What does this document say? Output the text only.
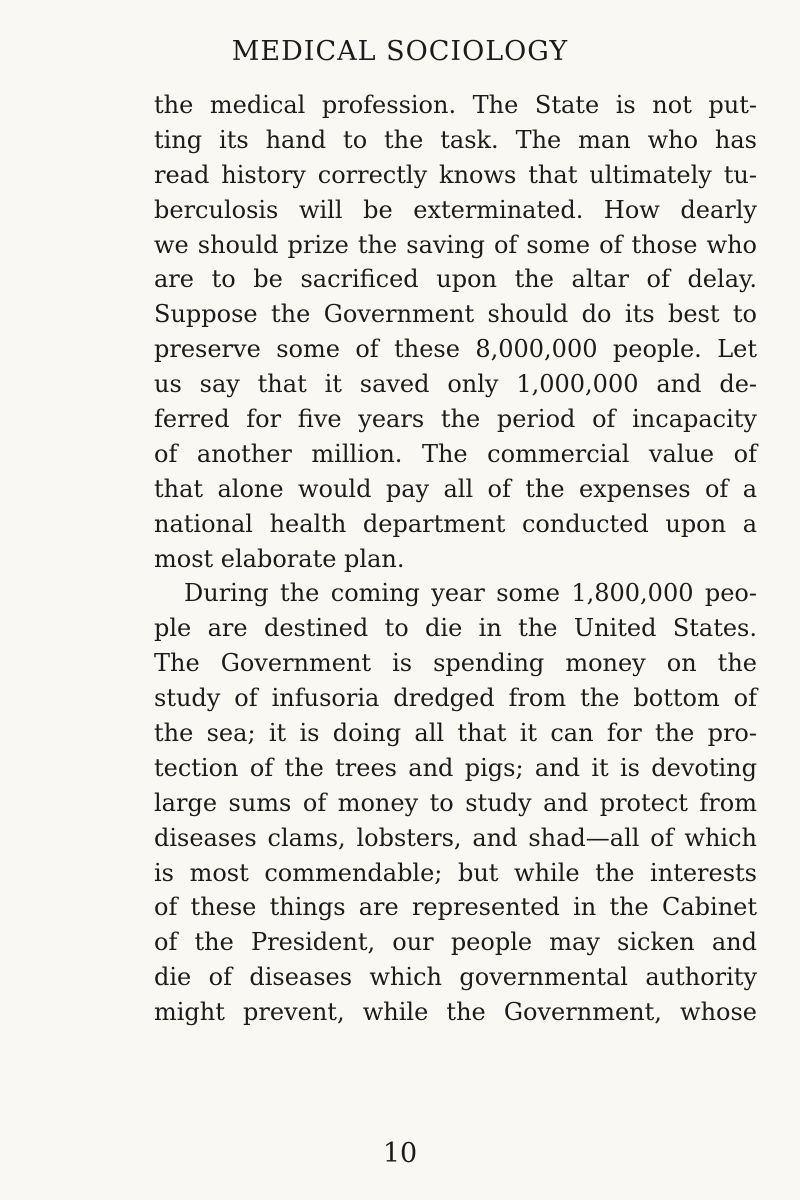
MEDICAL SOCIOLOGY
the medical profession. The State is not put-
ting its hand to the task. The man who has
read history correctly knows that ultimately tu-
berculosis will be exterminated. How dearly
we should prize the saving of some of those who
are to be sacrificed upon the altar of delay.
Suppose the Government should do its best to
preserve some of these 8,000,000 people. Let
us say that it saved only 1,000,000 and de-
ferred for five years the period of incapacity
of another million. The commercial value of
that alone would pay all of the expenses of a
national health department conducted upon a
most elaborate plan.
During the coming year some 1,800,000 peo-
ple are destined to die in the United States.
The Government is spending money on the
study of infusoria dredged from the bottom of
the sea; it is doing all that it can for the pro-
tection of the trees and pigs; and it is devoting
large sums of money to study and protect from
diseases clams, lobsters, and shad—all of which
is most commendable; but while the interests
of these things are represented in the Cabinet
of the President, our people may sicken and
die of diseases which governmental authority
might prevent, while the Government, whose
10
